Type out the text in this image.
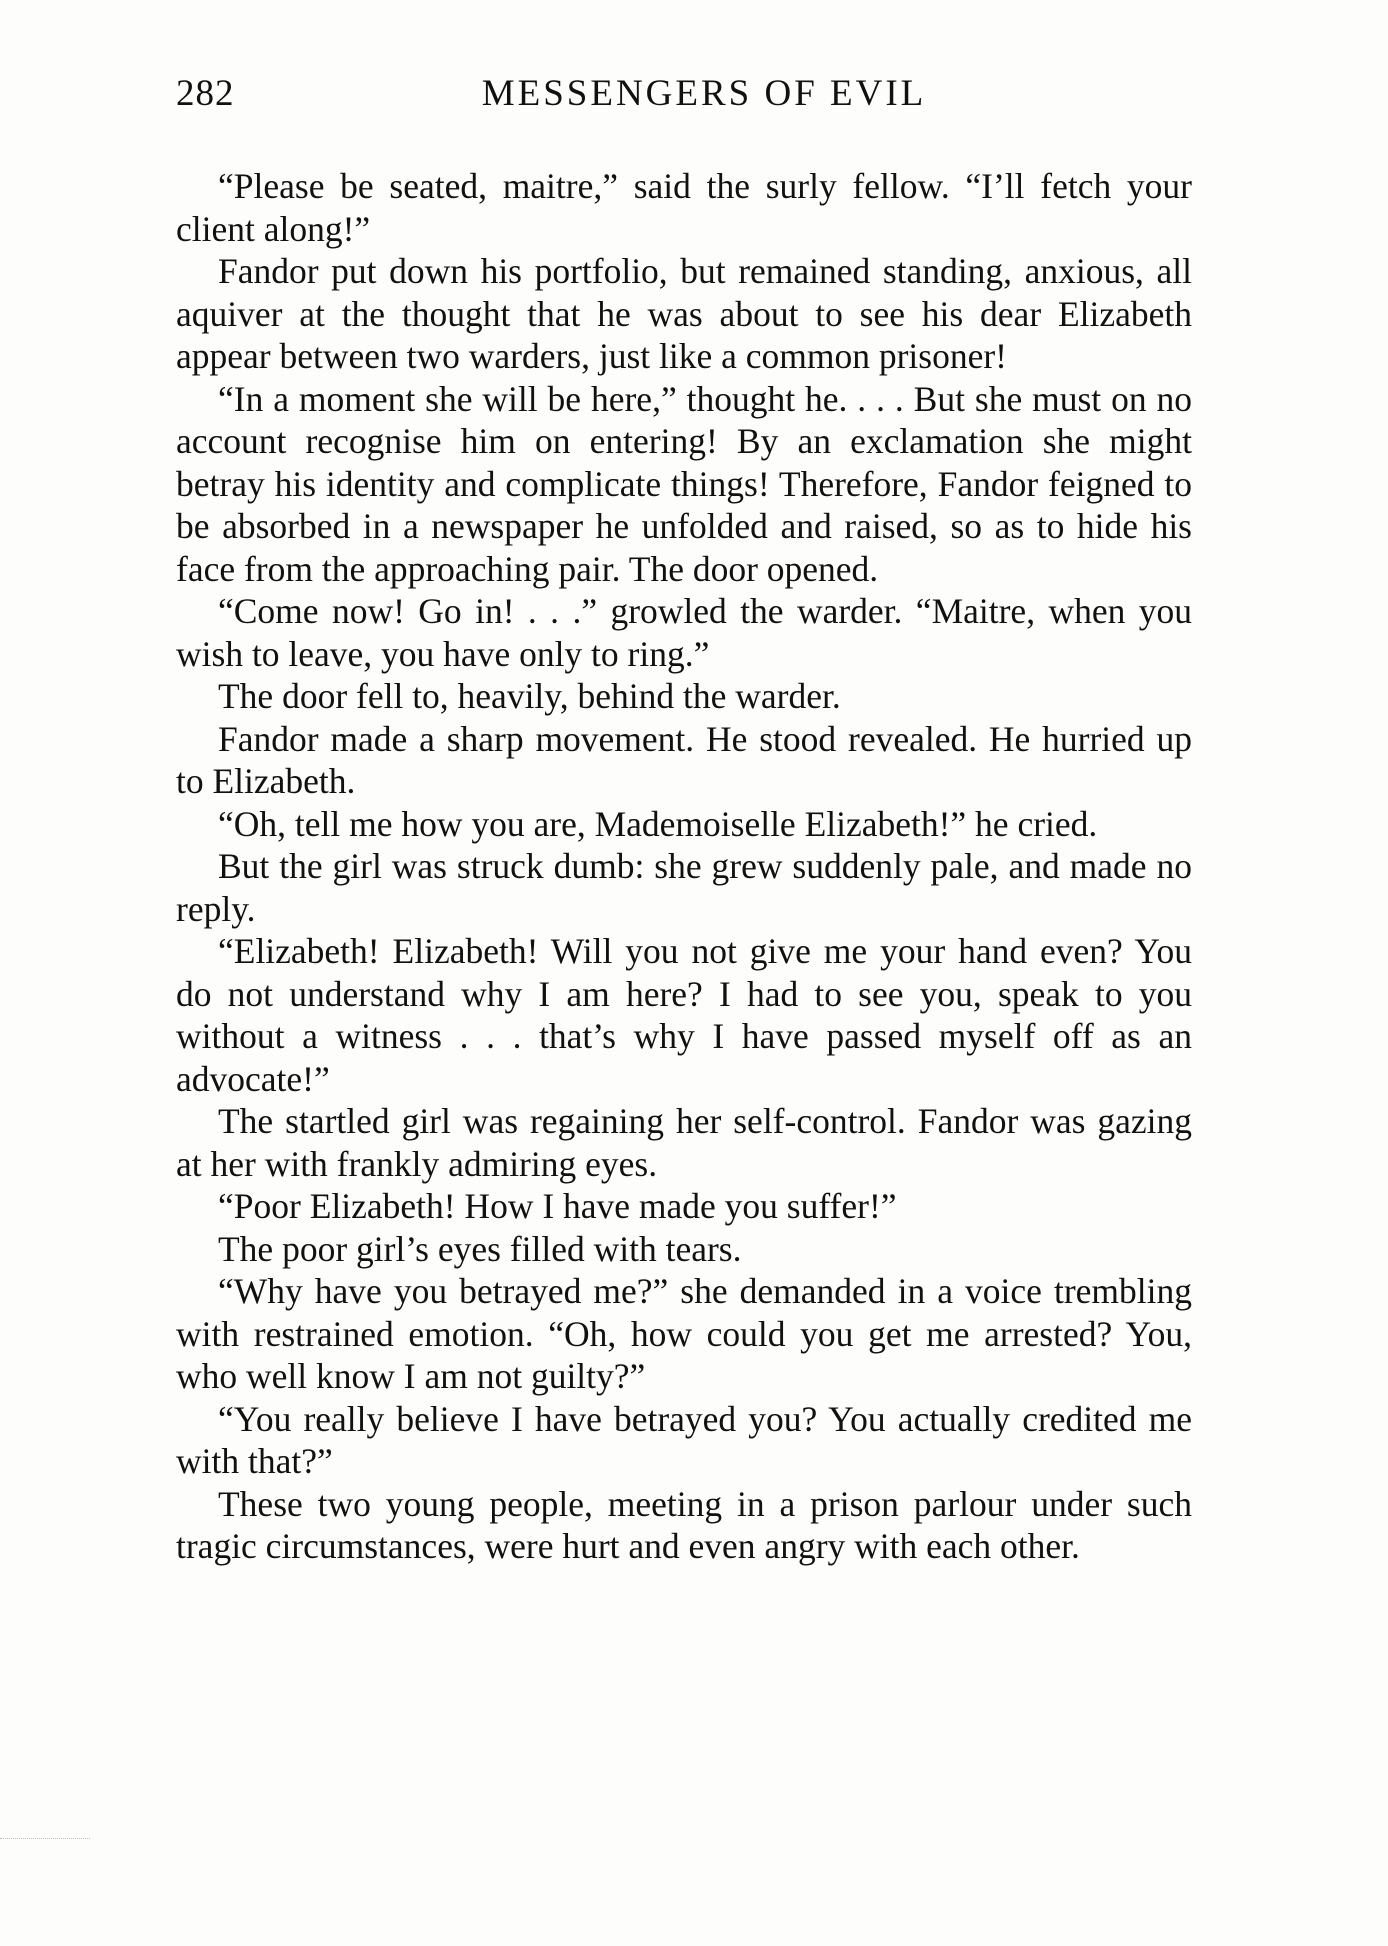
282	MESSENGERS OF EVIL

“Please be seated, maitre,” said the surly fellow. “I’ll fetch your client along!”

Fandor put down his portfolio, but remained standing, anxious, all aquiver at the thought that he was about to see his dear Elizabeth appear between two warders, just like a common prisoner!

“In a moment she will be here,” thought he. . . . But she must on no account recognise him on entering! By an exclamation she might betray his identity and complicate things! Therefore, Fandor feigned to be absorbed in a newspaper he unfolded and raised, so as to hide his face from the approaching pair. The door opened.

“Come now! Go in! . . .” growled the warder. “Maitre, when you wish to leave, you have only to ring.”

The door fell to, heavily, behind the warder.

Fandor made a sharp movement. He stood revealed. He hurried up to Elizabeth.

“Oh, tell me how you are, Mademoiselle Elizabeth!” he cried.

But the girl was struck dumb: she grew suddenly pale, and made no reply.

“Elizabeth! Elizabeth! Will you not give me your hand even? You do not understand why I am here? I had to see you, speak to you without a witness . . . that’s why I have passed myself off as an advocate!”

The startled girl was regaining her self-control. Fandor was gazing at her with frankly admiring eyes.

“Poor Elizabeth! How I have made you suffer!”

The poor girl’s eyes filled with tears.

“Why have you betrayed me?” she demanded in a voice trembling with restrained emotion. “Oh, how could you get me arrested? You, who well know I am not guilty?”

“You really believe I have betrayed you? You actually credited me with that?”

These two young people, meeting in a prison parlour under such tragic circumstances, were hurt and even angry with each other.
